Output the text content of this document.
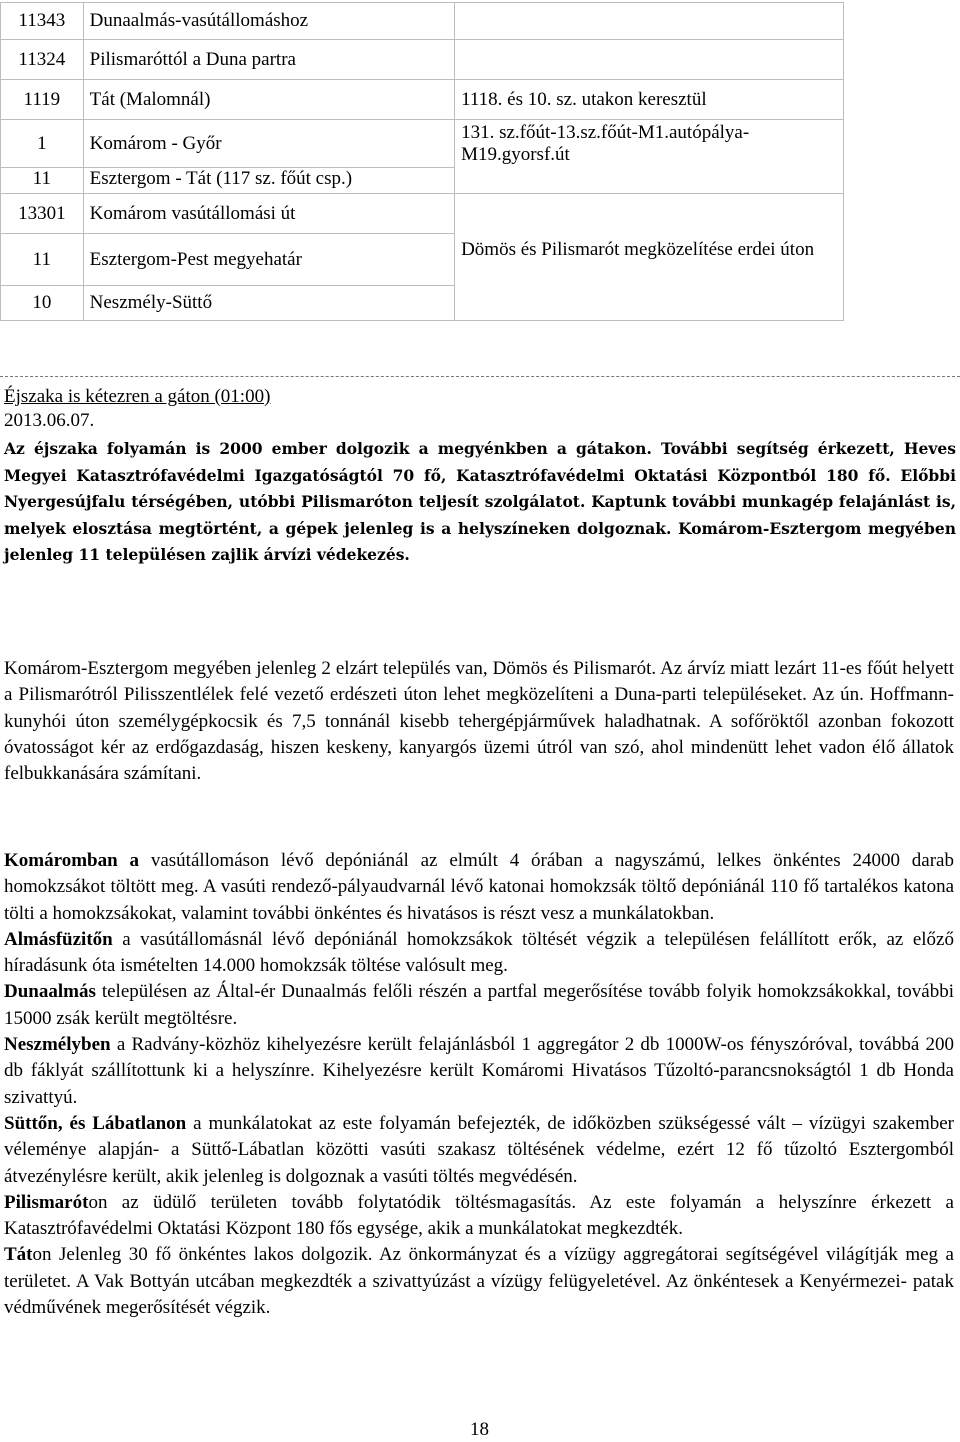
11343	Dunaalmás-vasútállomáshoz	
11324	Pilismaróttól a Duna partra	
1119	Tát (Malomnál)	1118. és 10. sz. utakon keresztül
1	Komárom - Győr	131. sz.főút-13.sz.főút-M1.autópálya-M19.gyorsf.út
11	Esztergom - Tát (117 sz. főút csp.)	
13301	Komárom vasútállomási út	Dömös és Pilismarót megközelítése erdei úton
11	Esztergom-Pest megyehatár	
10	Neszmély-Süttő	
Éjszaka is kétezren a gáton (01:00)
2013.06.07.

Az éjszaka folyamán is 2000 ember dolgozik a megyénkben a gátakon. További segítség érkezett, Heves Megyei Katasztrófavédelmi Igazgatóságtól 70 fő, Katasztrófavédelmi Oktatási Központból 180 fő. Előbbi Nyergesújfalu térségében, utóbbi Pilismaróton teljesít szolgálatot. Kaptunk további munkagép felajánlást is, melyek elosztása megtörtént, a gépek jelenleg is a helyszíneken dolgoznak. Komárom-Esztergom megyében jelenleg 11 településen zajlik árvízi védekezés.

Komárom-Esztergom megyében jelenleg 2 elzárt település van, Dömös és Pilismarót. Az árvíz miatt lezárt 11-es főút helyett a Pilismarótról Pilisszentlélek felé vezető erdészeti úton lehet megközelíteni a Duna-parti településeket. Az ún. Hoffmann-kunyhói úton személygépkocsik és 7,5 tonnánál kisebb tehergépjárművek haladhatnak. A sofőröktől azonban fokozott óvatosságot kér az erdőgazdaság, hiszen keskeny, kanyargós üzemi útról van szó, ahol mindenütt lehet vadon élő állatok felbukkanására számítani.

Komáromban a vasútállomáson lévő depóniánál az elmúlt 4 órában a nagyszámú, lelkes önkéntes 24000 darab homokzsákot töltött meg. A vasúti rendező-pályaudvarnál lévő katonai homokzsák töltő depóniánál 110 fő tartalékos katona tölti a homokzsákokat, valamint további önkéntes és hivatásos is részt vesz a munkálatokban.

Almásfüzitőn a vasútállomásnál lévő depóniánál homokzsákok töltését végzik a településen felállított erők, az előző híradásunk óta ismételten 14.000 homokzsák töltése valósult meg.

Dunaalmás településen az Által-ér Dunaalmás felőli részén a partfal megerősítése tovább folyik homokzsákokkal, további 15000 zsák került megtöltésre.

Neszmélyben a Radvány-közhöz kihelyezésre került felajánlásból 1 aggregátor 2 db 1000W-os fényszóróval, továbbá 200 db fáklyát szállítottunk ki a helyszínre. Kihelyezésre került Komáromi Hivatásos Tűzoltó-parancsnokságtól 1 db Honda szivattyú.

Süttőn, és Lábatlanon a munkálatokat az este folyamán befejezték, de időközben szükségessé vált – vízügyi szakember véleménye alapján- a Süttő-Lábatlan közötti vasúti szakasz töltésének védelme, ezért 12 fő tűzoltó Esztergomból átvezénylésre került, akik jelenleg is dolgoznak a vasúti töltés megvédésén.

Pilismaróton az üdülő területen tovább folytatódik töltésmagasítás. Az este folyamán a helyszínre érkezett a Katasztrófavédelmi Oktatási Központ 180 fős egysége, akik a munkálatokat megkezdték.

Táton Jelenleg 30 fő önkéntes lakos dolgozik. Az önkormányzat és a vízügy aggregátorai segítségével világítják meg a területet. A Vak Bottyán utcában megkezdték a szivattyúzást a vízügy felügyeletével. Az önkéntesek a Kenyérmezei- patak védművének megerősítését végzik.

18
